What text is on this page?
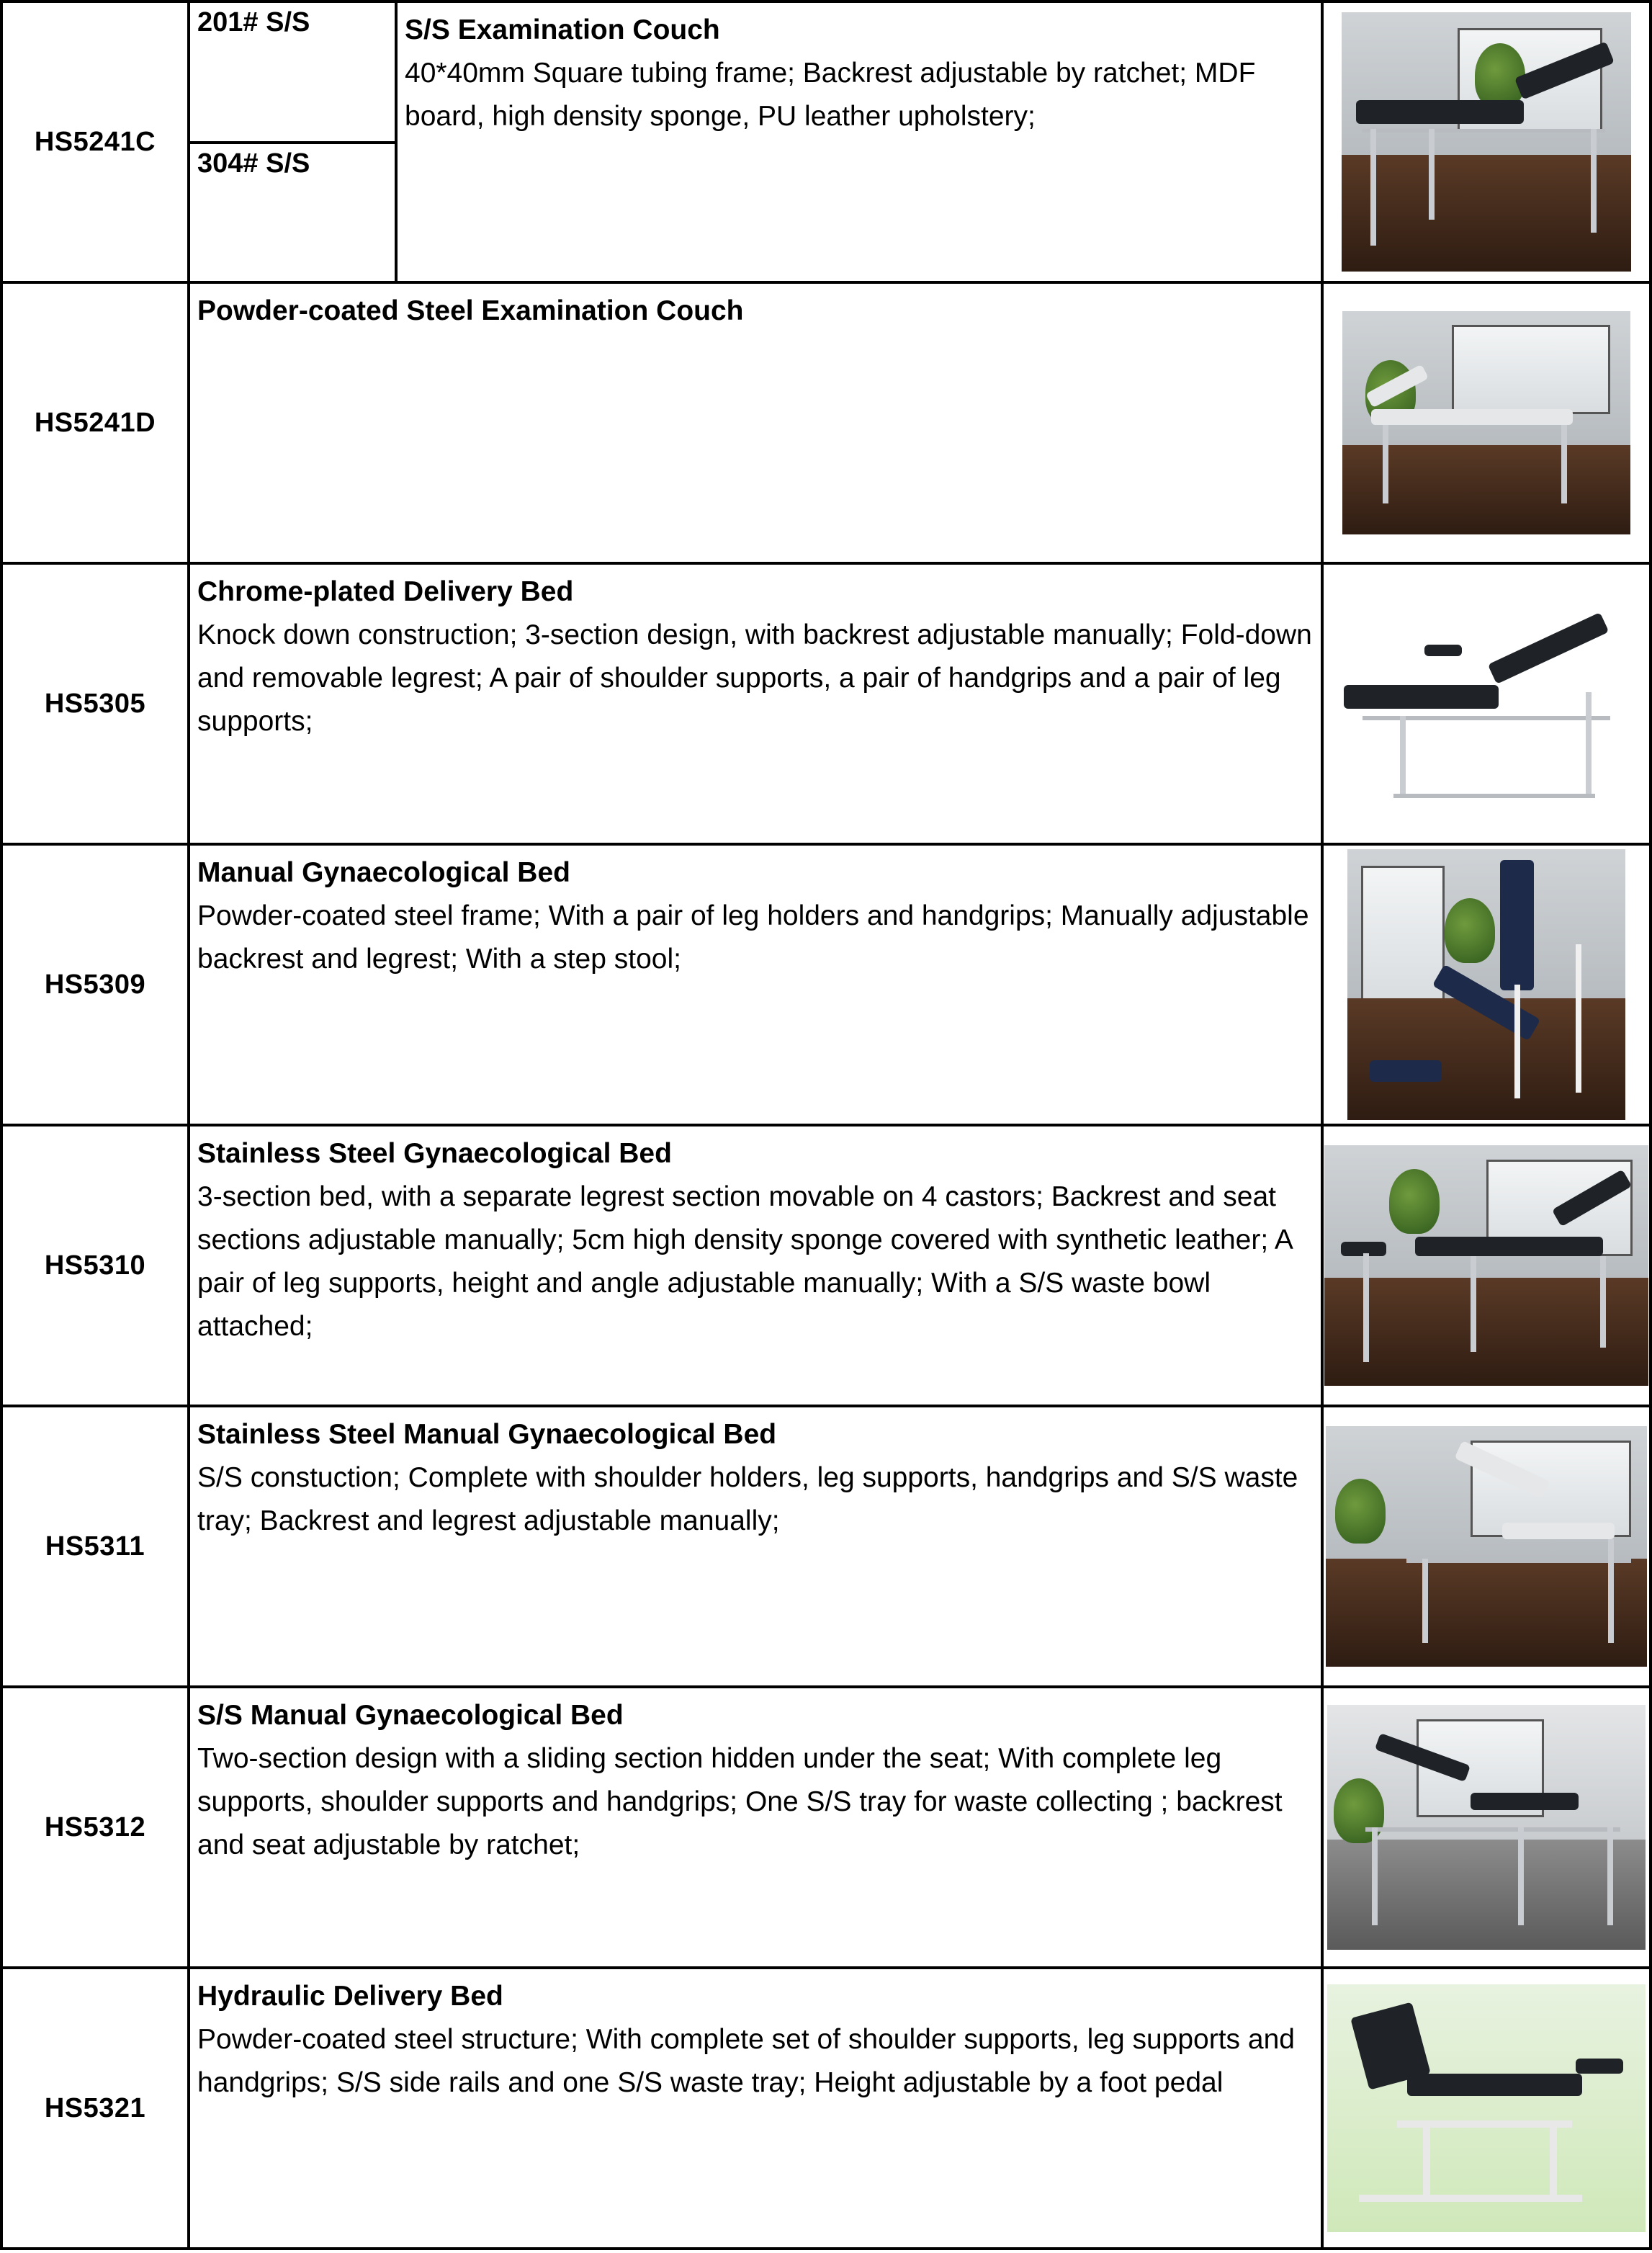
HS5241C
201# S/S
304# S/S
S/S Examination Couch
40*40mm Square tubing frame; Backrest adjustable by ratchet; MDF board, high density sponge, PU leather upholstery;
HS5241D
Powder-coated Steel Examination Couch
HS5305
Chrome-plated Delivery Bed
Knock down construction; 3-section design, with backrest adjustable manually; Fold-down and removable legrest; A pair of shoulder supports, a pair of handgrips and a pair of leg supports;
HS5309
Manual Gynaecological Bed
Powder-coated steel frame; With a pair of leg holders and handgrips; Manually adjustable backrest and legrest; With a step stool;
HS5310
Stainless Steel Gynaecological Bed
3-section bed, with a separate legrest section movable on 4 castors; Backrest and seat sections adjustable manually; 5cm high density sponge covered with synthetic leather; A pair of leg supports, height and angle adjustable manually; With a S/S waste bowl attached;
HS5311
Stainless Steel Manual Gynaecological Bed
S/S constuction; Complete with shoulder holders, leg supports, handgrips and S/S waste tray; Backrest and legrest adjustable manually;
HS5312
S/S Manual Gynaecological Bed
Two-section design with a sliding section hidden under the seat; With complete leg supports, shoulder supports and handgrips; One S/S tray for waste collecting ; backrest and seat adjustable by ratchet;
HS5321
Hydraulic Delivery Bed
Powder-coated steel structure; With complete set of shoulder supports, leg supports and handgrips; S/S side rails and one S/S waste tray; Height adjustable by a foot pedal
